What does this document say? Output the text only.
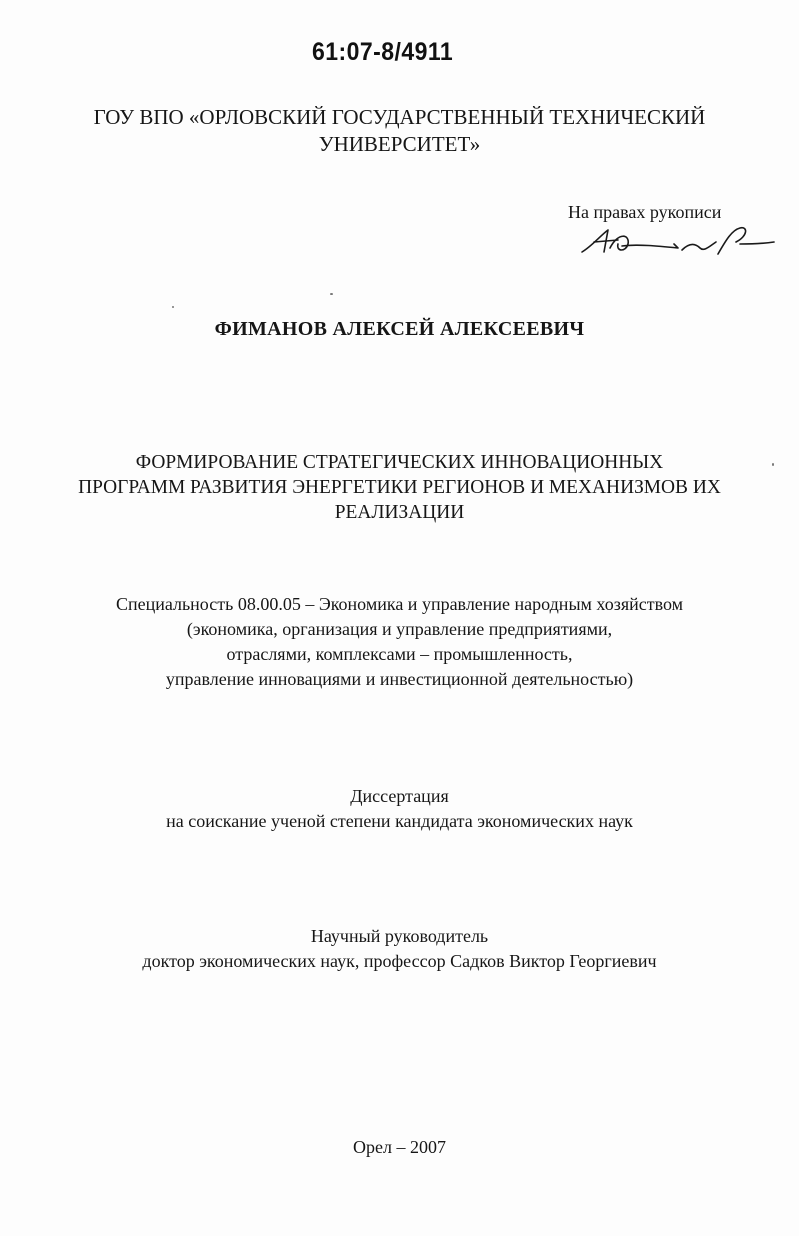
61:07-8/4911
ГОУ ВПО «ОРЛОВСКИЙ ГОСУДАРСТВЕННЫЙ ТЕХНИЧЕСКИЙ
УНИВЕРСИТЕТ»
На правах рукописи
ФИМАНОВ АЛЕКСЕЙ АЛЕКСЕЕВИЧ
ФОРМИРОВАНИЕ СТРАТЕГИЧЕСКИХ ИННОВАЦИОННЫХ
ПРОГРАММ РАЗВИТИЯ ЭНЕРГЕТИКИ РЕГИОНОВ И МЕХАНИЗМОВ ИХ
РЕАЛИЗАЦИИ
Специальность 08.00.05 – Экономика и управление народным хозяйством
(экономика, организация и управление предприятиями,
отраслями, комплексами – промышленность,
управление инновациями и инвестиционной деятельностью)
Диссертация
на соискание ученой степени кандидата экономических наук
Научный руководитель
доктор экономических наук, профессор Садков Виктор Георгиевич
Орел – 2007
